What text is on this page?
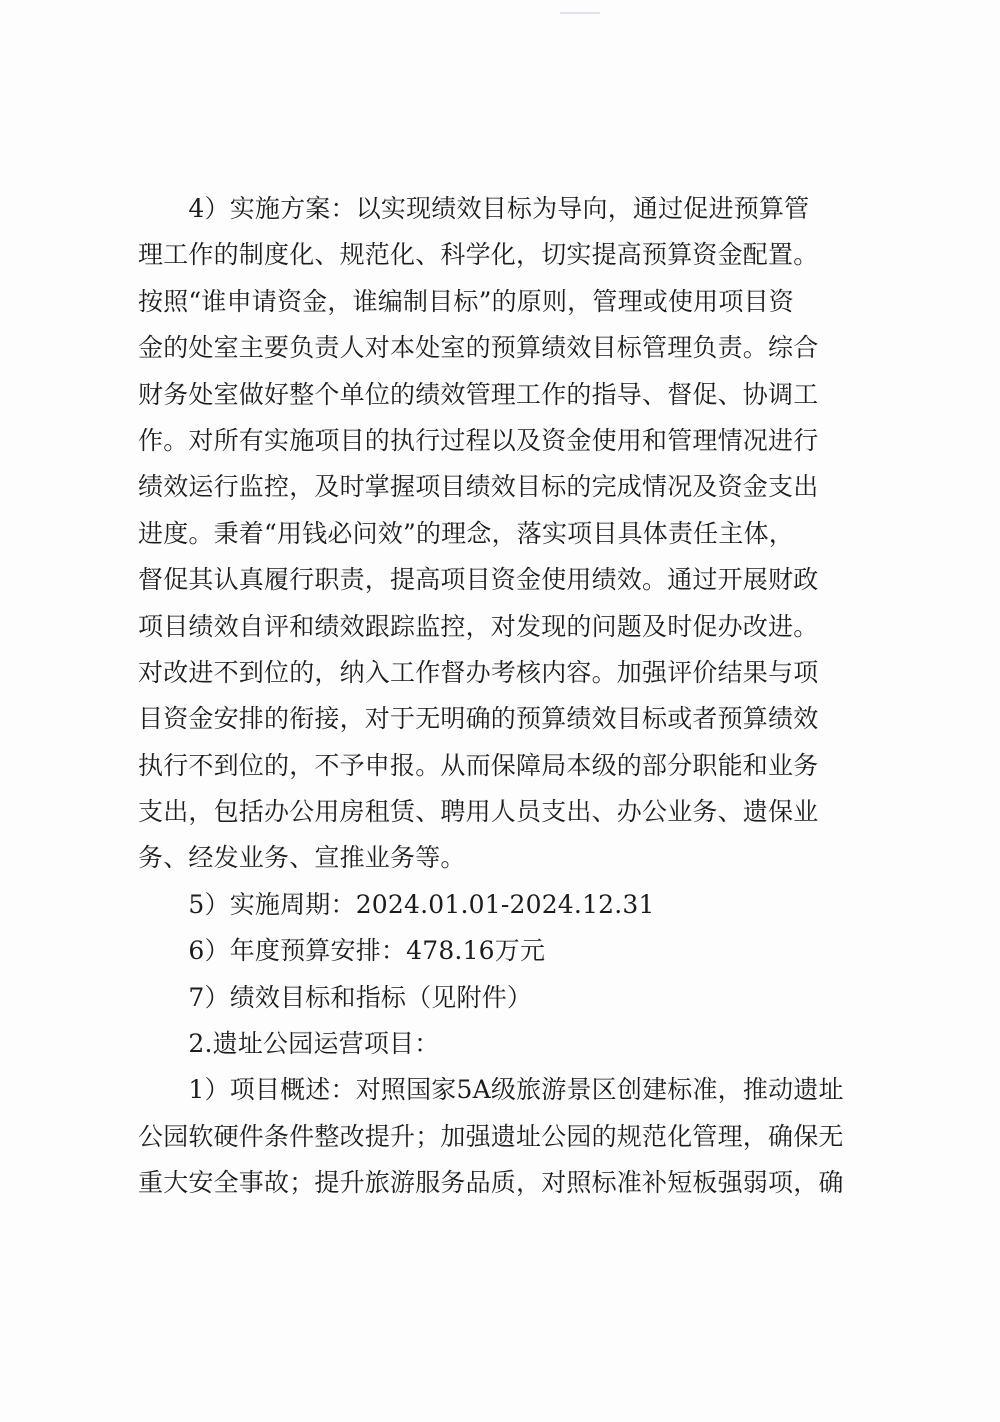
　　4）实施方案：以实现绩效目标为导向，通过促进预算管
理工作的制度化、规范化、科学化，切实提高预算资金配置。
按照“谁申请资金，谁编制目标”的原则，管理或使用项目资
金的处室主要负责人对本处室的预算绩效目标管理负责。综合
财务处室做好整个单位的绩效管理工作的指导、督促、协调工
作。对所有实施项目的执行过程以及资金使用和管理情况进行
绩效运行监控，及时掌握项目绩效目标的完成情况及资金支出
进度。秉着“用钱必问效”的理念，落实项目具体责任主体，
督促其认真履行职责，提高项目资金使用绩效。通过开展财政
项目绩效自评和绩效跟踪监控，对发现的问题及时促办改进。
对改进不到位的，纳入工作督办考核内容。加强评价结果与项
目资金安排的衔接，对于无明确的预算绩效目标或者预算绩效
执行不到位的，不予申报。从而保障局本级的部分职能和业务
支出，包括办公用房租赁、聘用人员支出、办公业务、遗保业
务、经发业务、宣推业务等。
　　5）实施周期：2024.01.01-2024.12.31
　　6）年度预算安排：478.16万元
　　7）绩效目标和指标（见附件）
　　2.遗址公园运营项目：
　　1）项目概述：对照国家5A级旅游景区创建标准，推动遗址
公园软硬件条件整改提升；加强遗址公园的规范化管理，确保无
重大安全事故；提升旅游服务品质，对照标准补短板强弱项，确
